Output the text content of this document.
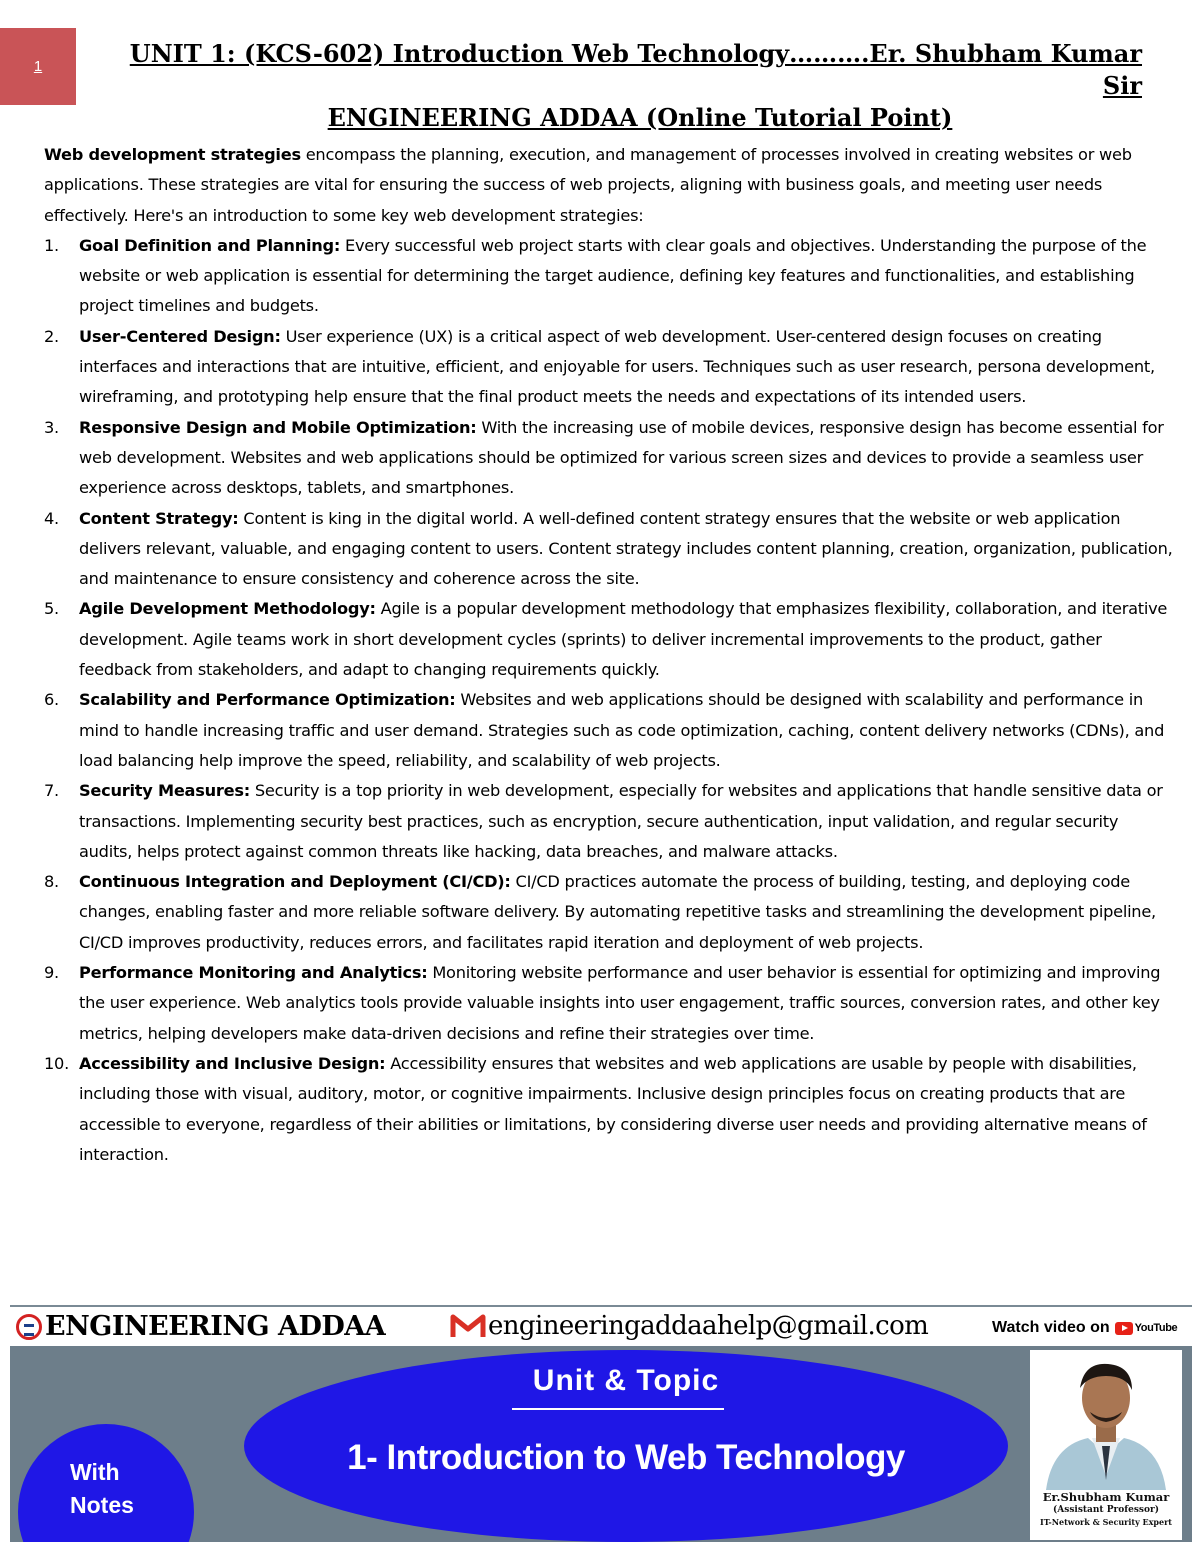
1	UNIT 1: (KCS-602) Introduction Web Technology……….Er. Shubham Kumar Sir
ENGINEERING ADDAA (Online Tutorial Point)

Web development strategies encompass the planning, execution, and management of processes involved in creating websites or web applications. These strategies are vital for ensuring the success of web projects, aligning with business goals, and meeting user needs effectively. Here's an introduction to some key web development strategies:

1. Goal Definition and Planning: Every successful web project starts with clear goals and objectives. Understanding the purpose of the website or web application is essential for determining the target audience, defining key features and functionalities, and establishing project timelines and budgets.
2. User-Centered Design: User experience (UX) is a critical aspect of web development. User-centered design focuses on creating interfaces and interactions that are intuitive, efficient, and enjoyable for users. Techniques such as user research, persona development, wireframing, and prototyping help ensure that the final product meets the needs and expectations of its intended users.
3. Responsive Design and Mobile Optimization: With the increasing use of mobile devices, responsive design has become essential for web development. Websites and web applications should be optimized for various screen sizes and devices to provide a seamless user experience across desktops, tablets, and smartphones.
4. Content Strategy: Content is king in the digital world. A well-defined content strategy ensures that the website or web application delivers relevant, valuable, and engaging content to users. Content strategy includes content planning, creation, organization, publication, and maintenance to ensure consistency and coherence across the site.
5. Agile Development Methodology: Agile is a popular development methodology that emphasizes flexibility, collaboration, and iterative development. Agile teams work in short development cycles (sprints) to deliver incremental improvements to the product, gather feedback from stakeholders, and adapt to changing requirements quickly.
6. Scalability and Performance Optimization: Websites and web applications should be designed with scalability and performance in mind to handle increasing traffic and user demand. Strategies such as code optimization, caching, content delivery networks (CDNs), and load balancing help improve the speed, reliability, and scalability of web projects.
7. Security Measures: Security is a top priority in web development, especially for websites and applications that handle sensitive data or transactions. Implementing security best practices, such as encryption, secure authentication, input validation, and regular security audits, helps protect against common threats like hacking, data breaches, and malware attacks.
8. Continuous Integration and Deployment (CI/CD): CI/CD practices automate the process of building, testing, and deploying code changes, enabling faster and more reliable software delivery. By automating repetitive tasks and streamlining the development pipeline, CI/CD improves productivity, reduces errors, and facilitates rapid iteration and deployment of web projects.
9. Performance Monitoring and Analytics: Monitoring website performance and user behavior is essential for optimizing and improving the user experience. Web analytics tools provide valuable insights into user engagement, traffic sources, conversion rates, and other key metrics, helping developers make data-driven decisions and refine their strategies over time.
10. Accessibility and Inclusive Design: Accessibility ensures that websites and web applications are usable by people with disabilities, including those with visual, auditory, motor, or cognitive impairments. Inclusive design principles focus on creating products that are accessible to everyone, regardless of their abilities or limitations, by considering diverse user needs and providing alternative means of interaction.
ENGINEERING ADDAA	engineeringaddaahelp@gmail.com	Watch video on YouTube
With
Notes
Unit & Topic
1- Introduction to Web Technology
Er.Shubham Kumar
(Assistant Professor)
IT-Network & Security Expert
